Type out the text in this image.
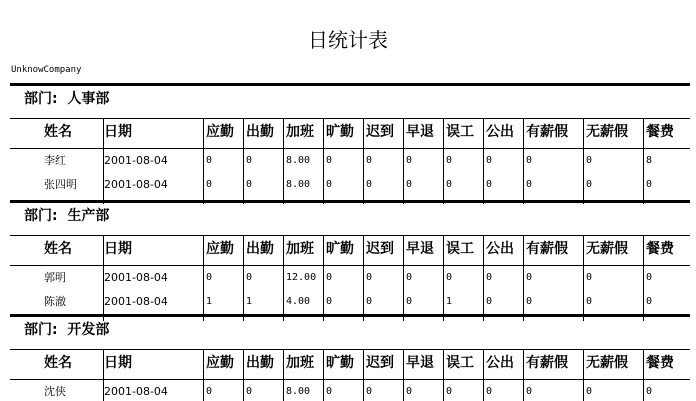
日统计表
UnknowCompany
部门: 人事部
姓名 日期	应勤 出勤 加班 旷勤 迟到 早退 误工 公出 有薪假 无薪假 餐费
李红	2001-08-04	0	0	8.00 0	0	0	0	0	0	0	8
张四明 2001-08-04	0	0	8.00 0	0	0	0	0	0	0	0
部门: 生产部
姓名 日期	应勤 出勤 加班 旷勤 迟到 早退 误工 公出 有薪假 无薪假 餐费
郭明	2001-08-04	0	0	12.00 0	0	0	0	0	0	0	0
陈澈	2001-08-04	1	1	4.00 0	0	0	1	0	0	0	0
部门: 开发部
姓名 日期	应勤 出勤 加班 旷勤 迟到 早退 误工 公出 有薪假 无薪假 餐费
沈侠	2001-08-04	0	0	8.00 0	0	0	0	0	0	0	0
